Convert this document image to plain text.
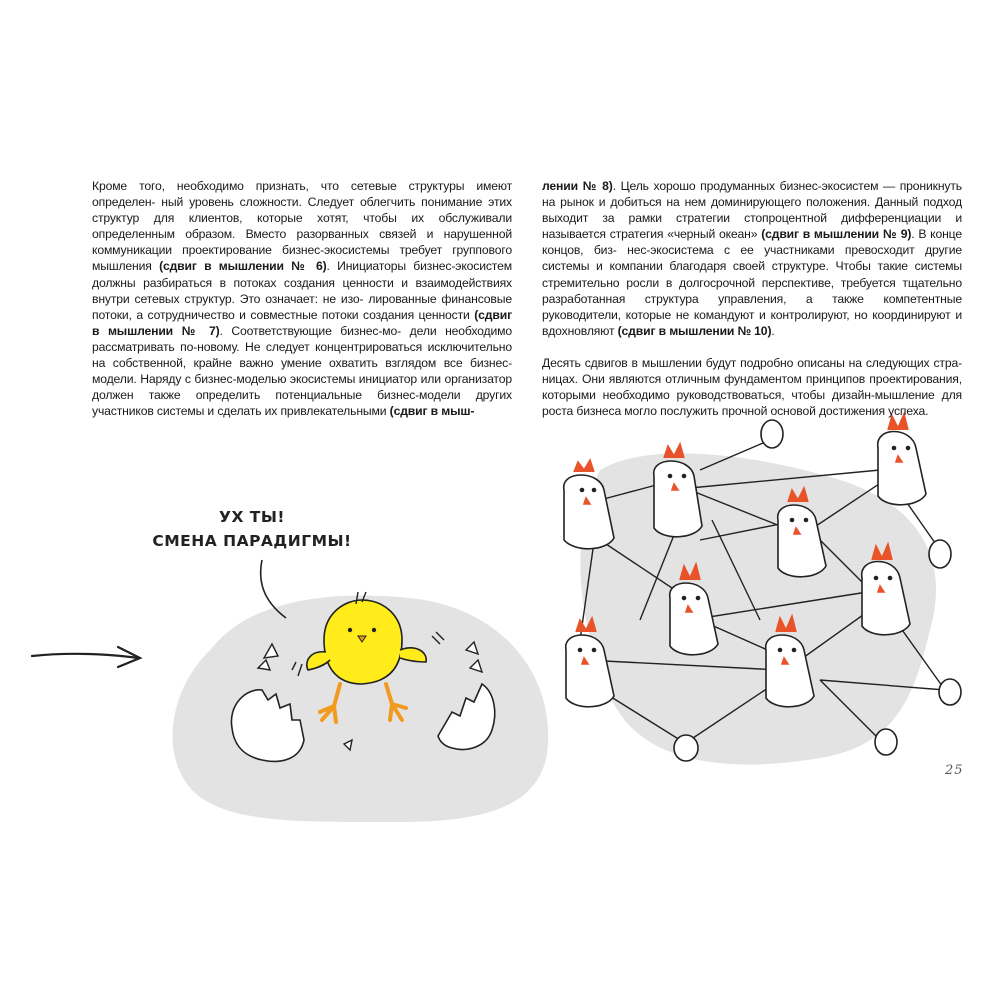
Кроме того, необходимо признать, что сетевые структуры имеют определен- ный уровень сложности. Следует облегчить понимание этих структур для клиентов, которые хотят, чтобы их обслуживали определенным образом. Вместо разорванных связей и нарушенной коммуникации проектирование бизнес-экосистемы требует группового мышления (сдвиг в мышлении № 6). Инициаторы бизнес-экосистем должны разбираться в потоках создания ценности и взаимодействиях внутри сетевых структур. Это означает: не изо- лированные финансовые потоки, а сотрудничество и совместные потоки создания ценности (сдвиг в мышлении № 7). Соответствующие бизнес-мо- дели необходимо рассматривать по-новому. Не следует концентрироваться исключительно на собственной, крайне важно умение охватить взглядом все бизнес-модели. Наряду с бизнес-моделью экосистемы инициатор или организатор должен также определить потенциальные бизнес-модели других участников системы и сделать их привлекательными (сдвиг в мыш-

лении № 8). Цель хорошо продуманных бизнес-экосистем — проникнуть на рынок и добиться на нем доминирующего положения. Данный подход выходит за рамки стратегии стопроцентной дифференциации и называется стратегия «черный океан» (сдвиг в мышлении № 9). В конце концов, биз- нес-экосистема с ее участниками превосходит другие системы и компании благодаря своей структуре. Чтобы такие системы стремительно росли в долгосрочной перспективе, требуется тщательно разработанная структура управления, а также компетентные руководители, которые не командуют и контролируют, но координируют и вдохновляют (сдвиг в мышлении № 10).

Десять сдвигов в мышлении будут подробно описаны на следующих стра- ницах. Они являются отличным фундаментом принципов проектирования, которыми необходимо руководствоваться, чтобы дизайн-мышление для роста бизнеса могло послужить прочной основой достижения успеха.

УХ ТЫ!
СМЕНА ПАРАДИГМЫ!
25
